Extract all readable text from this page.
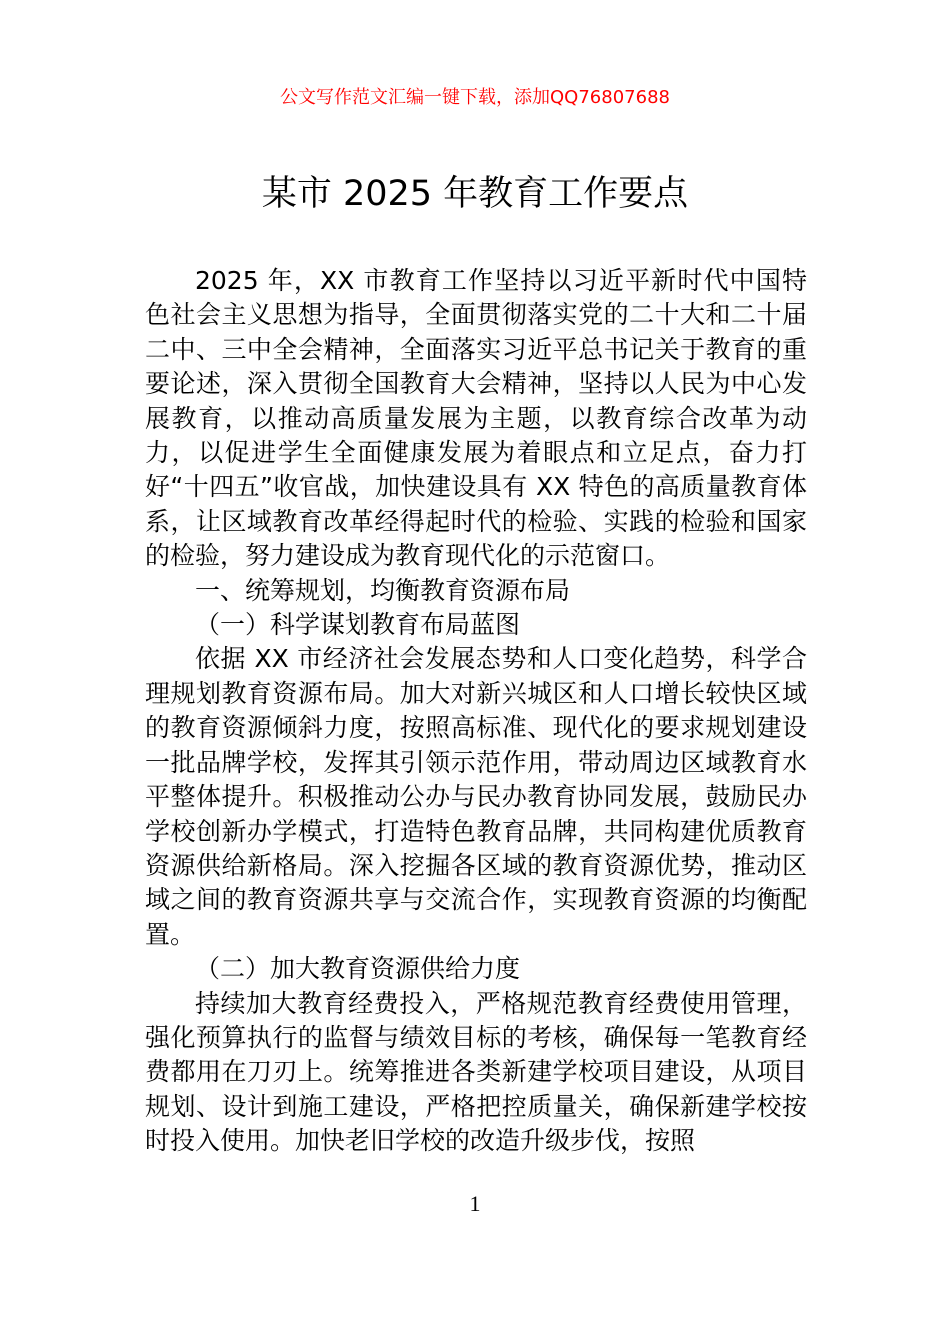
公文写作范文汇编一键下载，添加QQ76807688
某市 2025 年教育工作要点

2025 年，XX 市教育工作坚持以习近平新时代中国特色社会主义思想为指导，全面贯彻落实党的二十大和二十届二中、三中全会精神，全面落实习近平总书记关于教育的重要论述，深入贯彻全国教育大会精神，坚持以人民为中心发展教育，以推动高质量发展为主题，以教育综合改革为动力，以促进学生全面健康发展为着眼点和立足点，奋力打好“十四五”收官战，加快建设具有 XX 特色的高质量教育体系，让区域教育改革经得起时代的检验、实践的检验和国家的检验，努力建设成为教育现代化的示范窗口。

一、统筹规划，均衡教育资源布局

（一）科学谋划教育布局蓝图

依据 XX 市经济社会发展态势和人口变化趋势，科学合理规划教育资源布局。加大对新兴城区和人口增长较快区域的教育资源倾斜力度，按照高标准、现代化的要求规划建设一批品牌学校，发挥其引领示范作用，带动周边区域教育水平整体提升。积极推动公办与民办教育协同发展，鼓励民办学校创新办学模式，打造特色教育品牌，共同构建优质教育资源供给新格局。深入挖掘各区域的教育资源优势，推动区域之间的教育资源共享与交流合作，实现教育资源的均衡配置。

（二）加大教育资源供给力度

持续加大教育经费投入，严格规范教育经费使用管理，强化预算执行的监督与绩效目标的考核，确保每一笔教育经费都用在刀刃上。统筹推进各类新建学校项目建设，从项目规划、设计到施工建设，严格把控质量关，确保新建学校按时投入使用。加快老旧学校的改造升级步伐，按照

1
